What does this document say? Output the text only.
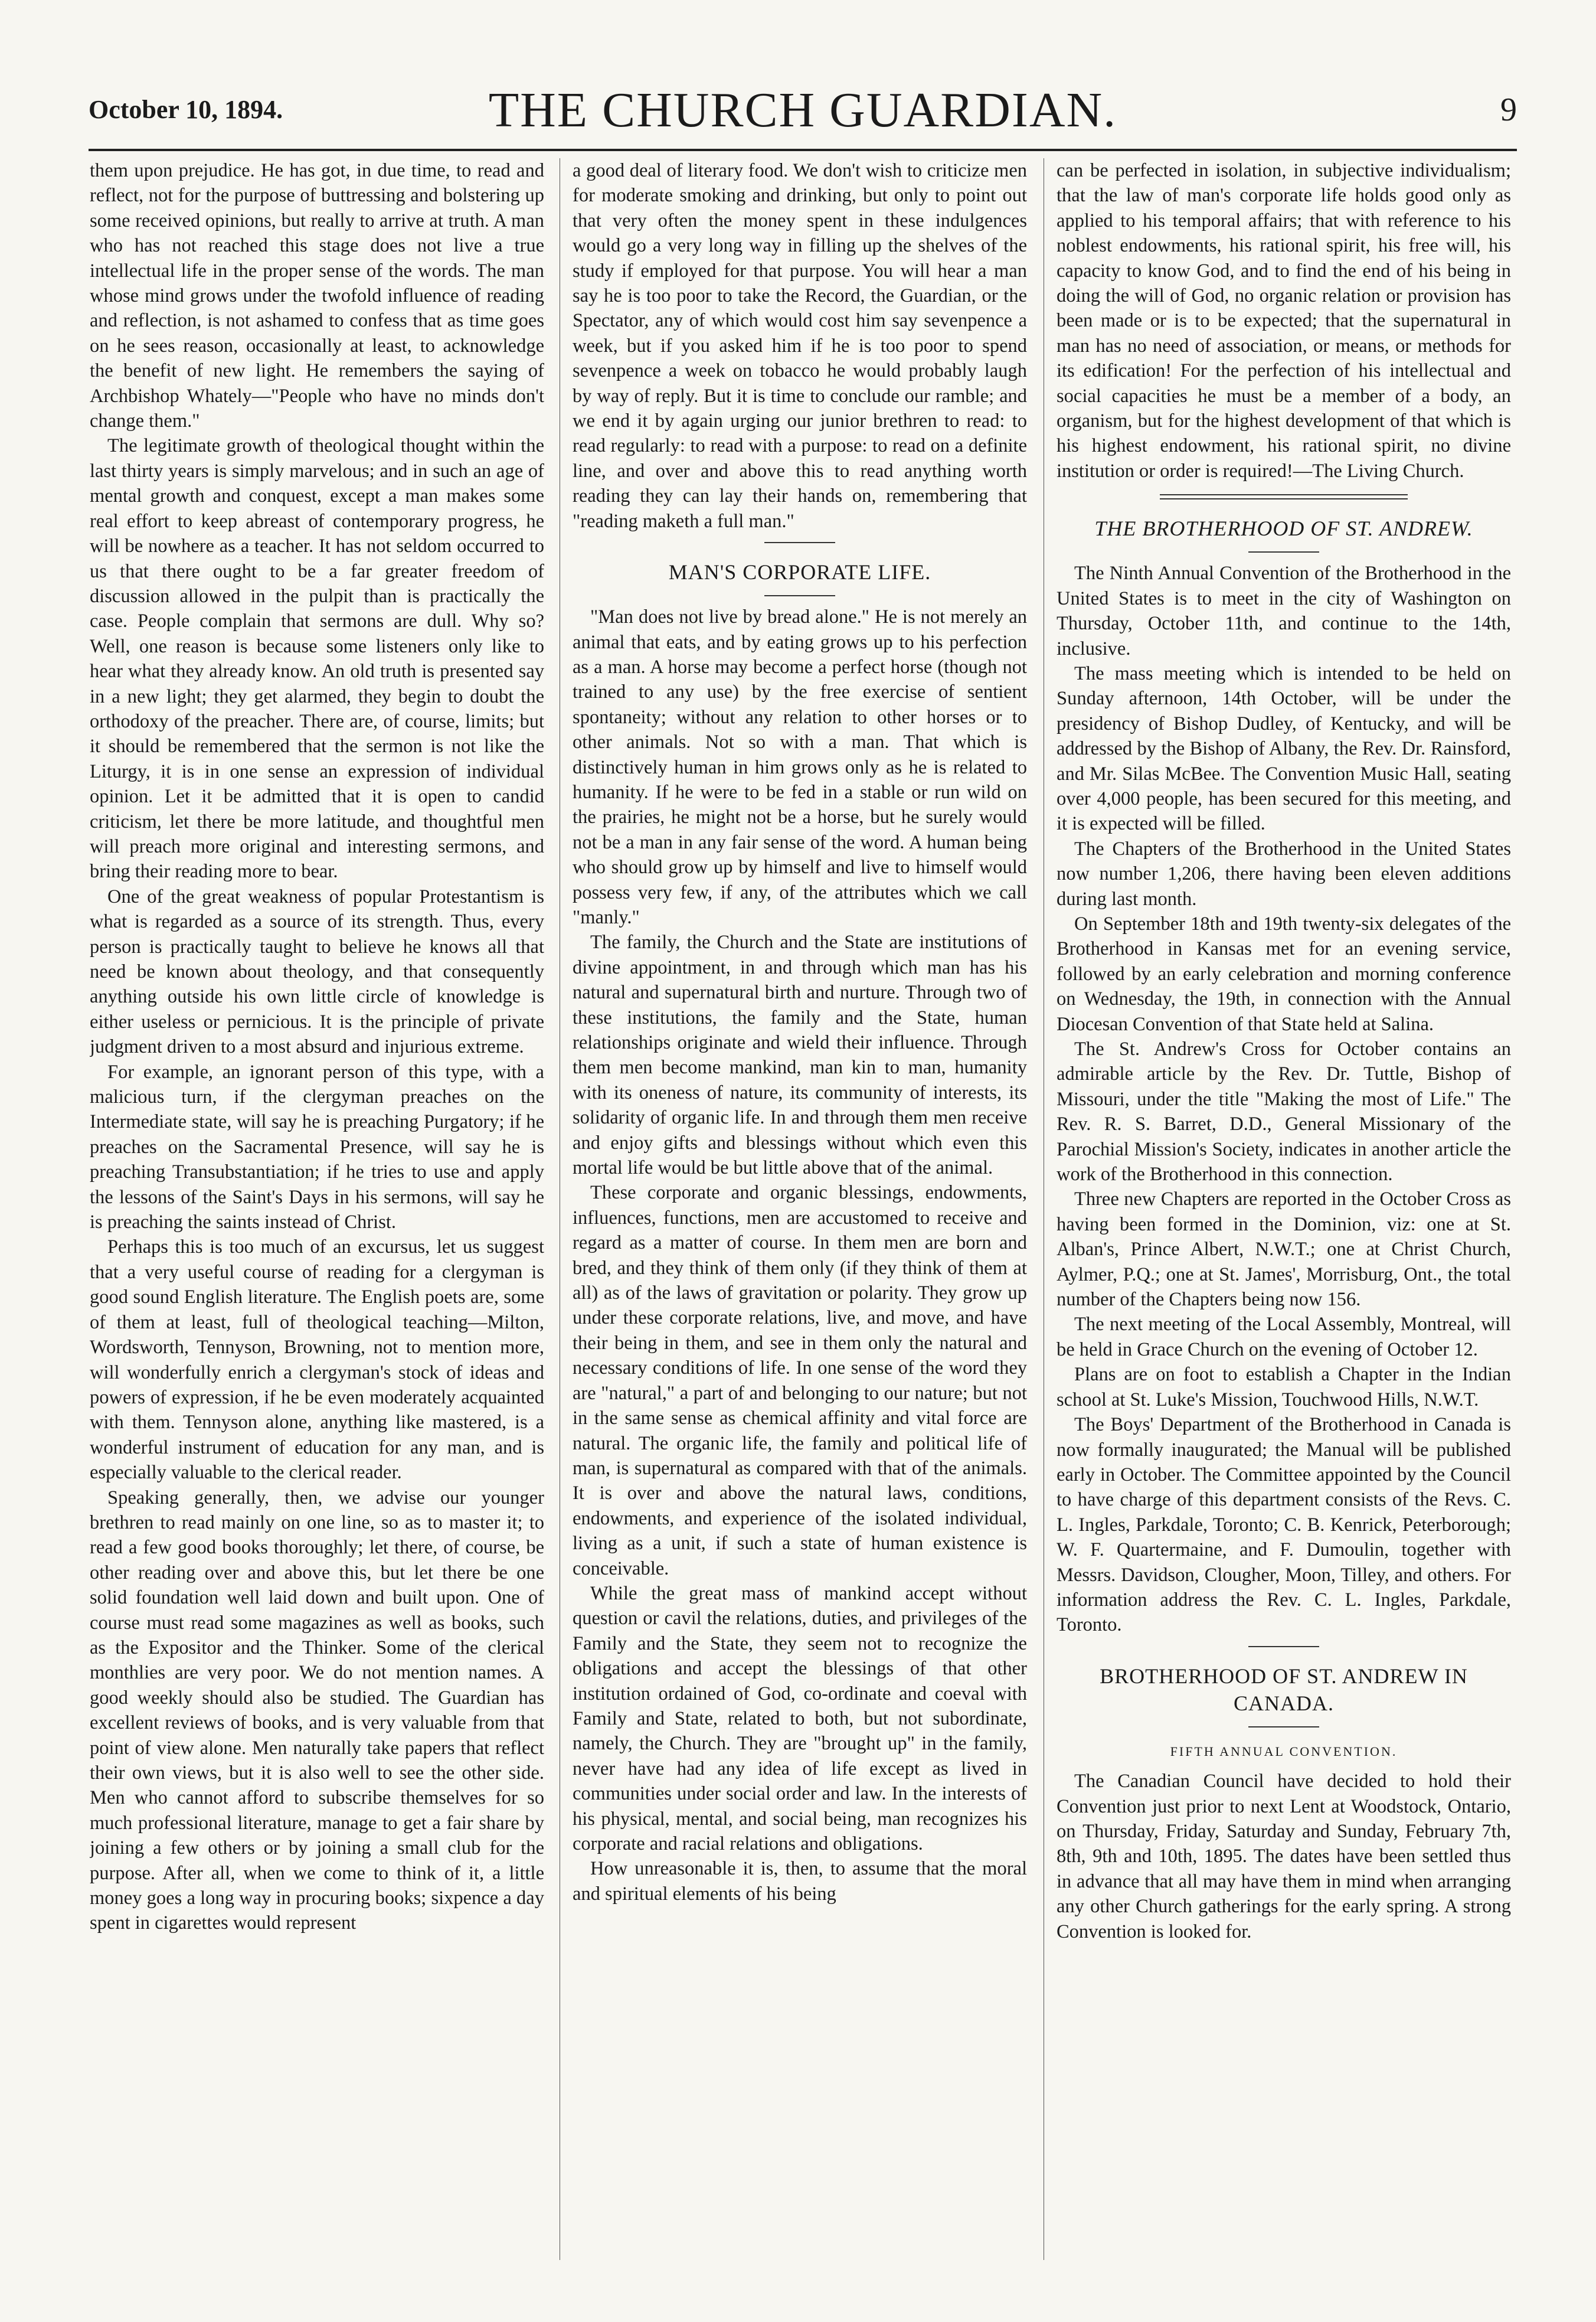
October 10, 1894.	THE CHURCH GUARDIAN.	9

them upon prejudice. He has got, in due time, to read and reflect, not for the purpose of buttressing and bolstering up some received opinions, but really to arrive at truth. A man who has not reached this stage does not live a true intellectual life in the proper sense of the words. The man whose mind grows under the twofold influence of reading and reflection, is not ashamed to confess that as time goes on he sees reason, occasionally at least, to acknowledge the benefit of new light. He remembers the saying of Archbishop Whately—"People who have no minds don't change them."

The legitimate growth of theological thought within the last thirty years is simply marvelous; and in such an age of mental growth and conquest, except a man makes some real effort to keep abreast of contemporary progress, he will be nowhere as a teacher. It has not seldom occurred to us that there ought to be a far greater freedom of discussion allowed in the pulpit than is practically the case. People complain that sermons are dull. Why so? Well, one reason is because some listeners only like to hear what they already know. An old truth is presented say in a new light; they get alarmed, they begin to doubt the orthodoxy of the preacher. There are, of course, limits; but it should be remembered that the sermon is not like the Liturgy, it is in one sense an expression of individual opinion. Let it be admitted that it is open to candid criticism, let there be more latitude, and thoughtful men will preach more original and interesting sermons, and bring their reading more to bear.

One of the great weakness of popular Protestantism is what is regarded as a source of its strength. Thus, every person is practically taught to believe he knows all that need be known about theology, and that consequently anything outside his own little circle of knowledge is either useless or pernicious. It is the principle of private judgment driven to a most absurd and injurious extreme.

For example, an ignorant person of this type, with a malicious turn, if the clergyman preaches on the Intermediate state, will say he is preaching Purgatory; if he preaches on the Sacramental Presence, will say he is preaching Transubstantiation; if he tries to use and apply the lessons of the Saint's Days in his sermons, will say he is preaching the saints instead of Christ.

Perhaps this is too much of an excursus, let us suggest that a very useful course of reading for a clergyman is good sound English literature. The English poets are, some of them at least, full of theological teaching—Milton, Wordsworth, Tennyson, Browning, not to mention more, will wonderfully enrich a clergyman's stock of ideas and powers of expression, if he be even moderately acquainted with them. Tennyson alone, anything like mastered, is a wonderful instrument of education for any man, and is especially valuable to the clerical reader.

Speaking generally, then, we advise our younger brethren to read mainly on one line, so as to master it; to read a few good books thoroughly; let there, of course, be other reading over and above this, but let there be one solid foundation well laid down and built upon. One of course must read some magazines as well as books, such as the Expositor and the Thinker. Some of the clerical monthlies are very poor. We do not mention names. A good weekly should also be studied. The Guardian has excellent reviews of books, and is very valuable from that point of view alone. Men naturally take papers that reflect their own views, but it is also well to see the other side. Men who cannot afford to subscribe themselves for so much professional literature, manage to get a fair share by joining a few others or by joining a small club for the purpose. After all, when we come to think of it, a little money goes a long way in procuring books; sixpence a day spent in cigarettes would represent

a good deal of literary food. We don't wish to criticize men for moderate smoking and drinking, but only to point out that very often the money spent in these indulgences would go a very long way in filling up the shelves of the study if employed for that purpose. You will hear a man say he is too poor to take the Record, the Guardian, or the Spectator, any of which would cost him say sevenpence a week, but if you asked him if he is too poor to spend sevenpence a week on tobacco he would probably laugh by way of reply. But it is time to conclude our ramble; and we end it by again urging our junior brethren to read: to read regularly: to read with a purpose: to read on a definite line, and over and above this to read anything worth reading they can lay their hands on, remembering that "reading maketh a full man."

MAN'S CORPORATE LIFE.

"Man does not live by bread alone." He is not merely an animal that eats, and by eating grows up to his perfection as a man. A horse may become a perfect horse (though not trained to any use) by the free exercise of sentient spontaneity; without any relation to other horses or to other animals. Not so with a man. That which is distinctively human in him grows only as he is related to humanity. If he were to be fed in a stable or run wild on the prairies, he might not be a horse, but he surely would not be a man in any fair sense of the word. A human being who should grow up by himself and live to himself would possess very few, if any, of the attributes which we call "manly."

The family, the Church and the State are institutions of divine appointment, in and through which man has his natural and supernatural birth and nurture. Through two of these institutions, the family and the State, human relationships originate and wield their influence. Through them men become mankind, man kin to man, humanity with its oneness of nature, its community of interests, its solidarity of organic life. In and through them men receive and enjoy gifts and blessings without which even this mortal life would be but little above that of the animal.

These corporate and organic blessings, endowments, influences, functions, men are accustomed to receive and regard as a matter of course. In them men are born and bred, and they think of them only (if they think of them at all) as of the laws of gravitation or polarity. They grow up under these corporate relations, live, and move, and have their being in them, and see in them only the natural and necessary conditions of life. In one sense of the word they are "natural," a part of and belonging to our nature; but not in the same sense as chemical affinity and vital force are natural. The organic life, the family and political life of man, is supernatural as compared with that of the animals. It is over and above the natural laws, conditions, endowments, and experience of the isolated individual, living as a unit, if such a state of human existence is conceivable.

While the great mass of mankind accept without question or cavil the relations, duties, and privileges of the Family and the State, they seem not to recognize the obligations and accept the blessings of that other institution ordained of God, co-ordinate and coeval with Family and State, related to both, but not subordinate, namely, the Church. They are "brought up" in the family, never have had any idea of life except as lived in communities under social order and law. In the interests of his physical, mental, and social being, man recognizes his corporate and racial relations and obligations.

How unreasonable it is, then, to assume that the moral and spiritual elements of his being

can be perfected in isolation, in subjective individualism; that the law of man's corporate life holds good only as applied to his temporal affairs; that with reference to his noblest endowments, his rational spirit, his free will, his capacity to know God, and to find the end of his being in doing the will of God, no organic relation or provision has been made or is to be expected; that the supernatural in man has no need of association, or means, or methods for its edification! For the perfection of his intellectual and social capacities he must be a member of a body, an organism, but for the highest development of that which is his highest endowment, his rational spirit, no divine institution or order is required!—The Living Church.

THE BROTHERHOOD OF ST. ANDREW.

The Ninth Annual Convention of the Brotherhood in the United States is to meet in the city of Washington on Thursday, October 11th, and continue to the 14th, inclusive.

The mass meeting which is intended to be held on Sunday afternoon, 14th October, will be under the presidency of Bishop Dudley, of Kentucky, and will be addressed by the Bishop of Albany, the Rev. Dr. Rainsford, and Mr. Silas McBee. The Convention Music Hall, seating over 4,000 people, has been secured for this meeting, and it is expected will be filled.

The Chapters of the Brotherhood in the United States now number 1,206, there having been eleven additions during last month.

On September 18th and 19th twenty-six delegates of the Brotherhood in Kansas met for an evening service, followed by an early celebration and morning conference on Wednesday, the 19th, in connection with the Annual Diocesan Convention of that State held at Salina.

The St. Andrew's Cross for October contains an admirable article by the Rev. Dr. Tuttle, Bishop of Missouri, under the title "Making the most of Life." The Rev. R. S. Barret, D.D., General Missionary of the Parochial Mission's Society, indicates in another article the work of the Brotherhood in this connection.

Three new Chapters are reported in the October Cross as having been formed in the Dominion, viz: one at St. Alban's, Prince Albert, N.W.T.; one at Christ Church, Aylmer, P.Q.; one at St. James', Morrisburg, Ont., the total number of the Chapters being now 156.

The next meeting of the Local Assembly, Montreal, will be held in Grace Church on the evening of October 12.

Plans are on foot to establish a Chapter in the Indian school at St. Luke's Mission, Touchwood Hills, N.W.T.

The Boys' Department of the Brotherhood in Canada is now formally inaugurated; the Manual will be published early in October. The Committee appointed by the Council to have charge of this department consists of the Revs. C. L. Ingles, Parkdale, Toronto; C. B. Kenrick, Peterborough; W. F. Quartermaine, and F. Dumoulin, together with Messrs. Davidson, Clougher, Moon, Tilley, and others. For information address the Rev. C. L. Ingles, Parkdale, Toronto.

BROTHERHOOD OF ST. ANDREW IN CANADA.

FIFTH ANNUAL CONVENTION.

The Canadian Council have decided to hold their Convention just prior to next Lent at Woodstock, Ontario, on Thursday, Friday, Saturday and Sunday, February 7th, 8th, 9th and 10th, 1895. The dates have been settled thus in advance that all may have them in mind when arranging any other Church gatherings for the early spring. A strong Convention is looked for.
